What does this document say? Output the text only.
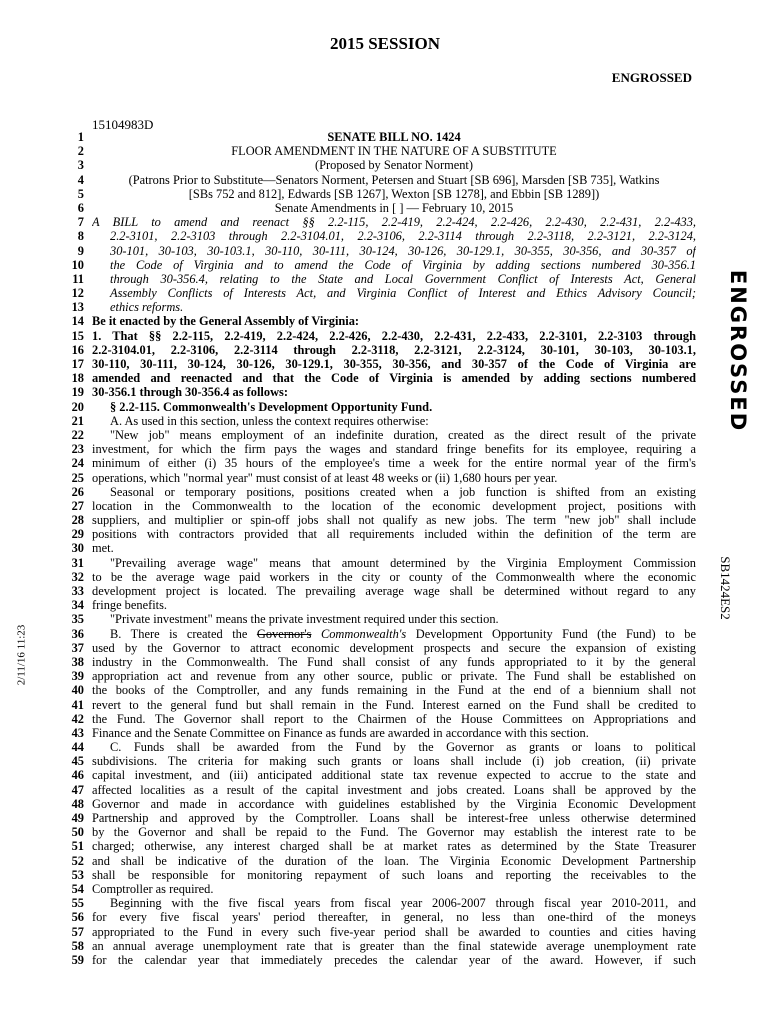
2015 SESSION
ENGROSSED
15104983D
ENGROSSED
SB1424ES2
2/11/16 11:23
1	SENATE BILL NO. 1424
2	FLOOR AMENDMENT IN THE NATURE OF A SUBSTITUTE
3	(Proposed by Senator Norment)
4	(Patrons Prior to Substitute—Senators Norment, Petersen and Stuart [SB 696], Marsden [SB 735], Watkins
5	[SBs 752 and 812], Edwards [SB 1267], Wexton [SB 1278], and Ebbin [SB 1289])
6	Senate Amendments in [ ] — February 10, 2015
7 A BILL to amend and reenact §§ 2.2-115, 2.2-419, 2.2-424, 2.2-426, 2.2-430, 2.2-431, 2.2-433,
8	2.2-3101, 2.2-3103 through 2.2-3104.01, 2.2-3106, 2.2-3114 through 2.2-3118, 2.2-3121, 2.2-3124,
9	30-101, 30-103, 30-103.1, 30-110, 30-111, 30-124, 30-126, 30-129.1, 30-355, 30-356, and 30-357 of
10	the Code of Virginia and to amend the Code of Virginia by adding sections numbered 30-356.1
11	through 30-356.4, relating to the State and Local Government Conflict of Interests Act, General
12	Assembly Conflicts of Interests Act, and Virginia Conflict of Interest and Ethics Advisory Council;
13	ethics reforms.
14 Be it enacted by the General Assembly of Virginia:
15 1. That §§ 2.2-115, 2.2-419, 2.2-424, 2.2-426, 2.2-430, 2.2-431, 2.2-433, 2.2-3101, 2.2-3103 through
16 2.2-3104.01, 2.2-3106, 2.2-3114 through 2.2-3118, 2.2-3121, 2.2-3124, 30-101, 30-103, 30-103.1,
17 30-110, 30-111, 30-124, 30-126, 30-129.1, 30-355, 30-356, and 30-357 of the Code of Virginia are
18 amended and reenacted and that the Code of Virginia is amended by adding sections numbered
19 30-356.1 through 30-356.4 as follows:
20	§ 2.2-115. Commonwealth's Development Opportunity Fund.
21	A. As used in this section, unless the context requires otherwise:
22	"New job" means employment of an indefinite duration, created as the direct result of the private
23 investment, for which the firm pays the wages and standard fringe benefits for its employee, requiring a
24 minimum of either (i) 35 hours of the employee's time a week for the entire normal year of the firm's
25 operations, which "normal year" must consist of at least 48 weeks or (ii) 1,680 hours per year.
26	Seasonal or temporary positions, positions created when a job function is shifted from an existing
27 location in the Commonwealth to the location of the economic development project, positions with
28 suppliers, and multiplier or spin-off jobs shall not qualify as new jobs. The term "new job" shall include
29 positions with contractors provided that all requirements included within the definition of the term are
30 met.
31	"Prevailing average wage" means that amount determined by the Virginia Employment Commission
32 to be the average wage paid workers in the city or county of the Commonwealth where the economic
33 development project is located. The prevailing average wage shall be determined without regard to any
34 fringe benefits.
35	"Private investment" means the private investment required under this section.
36	B. There is created the Governor's Commonwealth's Development Opportunity Fund (the Fund) to be
37 used by the Governor to attract economic development prospects and secure the expansion of existing
38 industry in the Commonwealth. The Fund shall consist of any funds appropriated to it by the general
39 appropriation act and revenue from any other source, public or private. The Fund shall be established on
40 the books of the Comptroller, and any funds remaining in the Fund at the end of a biennium shall not
41 revert to the general fund but shall remain in the Fund. Interest earned on the Fund shall be credited to
42 the Fund. The Governor shall report to the Chairmen of the House Committees on Appropriations and
43 Finance and the Senate Committee on Finance as funds are awarded in accordance with this section.
44	C. Funds shall be awarded from the Fund by the Governor as grants or loans to political
45 subdivisions. The criteria for making such grants or loans shall include (i) job creation, (ii) private
46 capital investment, and (iii) anticipated additional state tax revenue expected to accrue to the state and
47 affected localities as a result of the capital investment and jobs created. Loans shall be approved by the
48 Governor and made in accordance with guidelines established by the Virginia Economic Development
49 Partnership and approved by the Comptroller. Loans shall be interest-free unless otherwise determined
50 by the Governor and shall be repaid to the Fund. The Governor may establish the interest rate to be
51 charged; otherwise, any interest charged shall be at market rates as determined by the State Treasurer
52 and shall be indicative of the duration of the loan. The Virginia Economic Development Partnership
53 shall be responsible for monitoring repayment of such loans and reporting the receivables to the
54 Comptroller as required.
55	Beginning with the five fiscal years from fiscal year 2006-2007 through fiscal year 2010-2011, and
56 for every five fiscal years' period thereafter, in general, no less than one-third of the moneys
57 appropriated to the Fund in every such five-year period shall be awarded to counties and cities having
58 an annual average unemployment rate that is greater than the final statewide average unemployment rate
59 for the calendar year that immediately precedes the calendar year of the award. However, if such
